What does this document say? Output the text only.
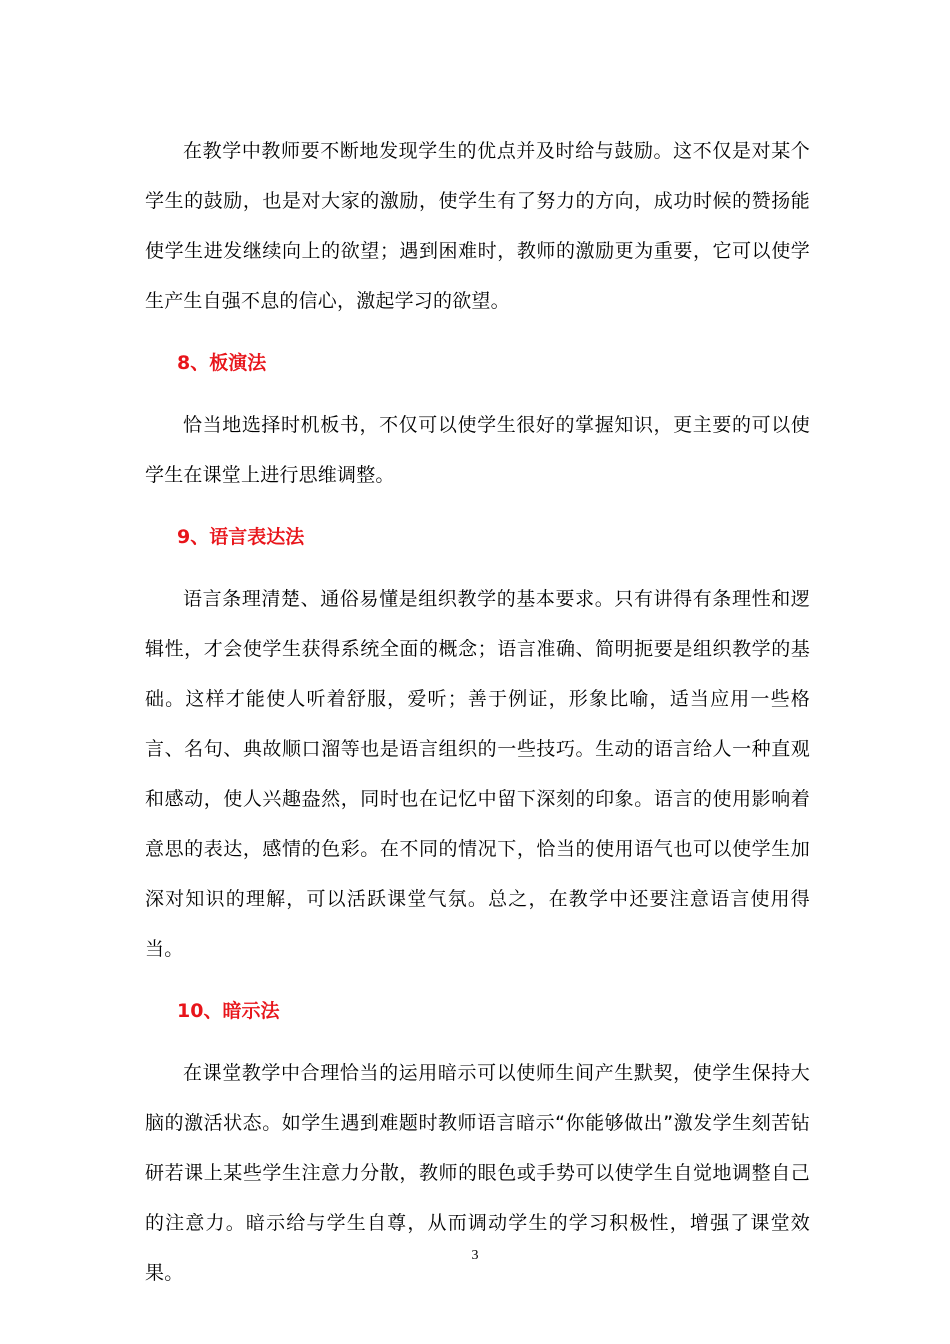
在教学中教师要不断地发现学生的优点并及时给与鼓励。这不仅是对某个学生的鼓励，也是对大家的激励，使学生有了努力的方向，成功时候的赞扬能使学生进发继续向上的欲望；遇到困难时，教师的激励更为重要，它可以使学生产生自强不息的信心，激起学习的欲望。

8、板演法

恰当地选择时机板书，不仅可以使学生很好的掌握知识，更主要的可以使学生在课堂上进行思维调整。

9、语言表达法

语言条理清楚、通俗易懂是组织教学的基本要求。只有讲得有条理性和逻辑性，才会使学生获得系统全面的概念；语言准确、简明扼要是组织教学的基础。这样才能使人听着舒服，爱听；善于例证，形象比喻，适当应用一些格言、名句、典故顺口溜等也是语言组织的一些技巧。生动的语言给人一种直观和感动，使人兴趣盎然，同时也在记忆中留下深刻的印象。语言的使用影响着意思的表达，感情的色彩。在不同的情况下，恰当的使用语气也可以使学生加深对知识的理解，可以活跃课堂气氛。总之，在教学中还要注意语言使用得当。

10、暗示法

在课堂教学中合理恰当的运用暗示可以使师生间产生默契，使学生保持大脑的激活状态。如学生遇到难题时教师语言暗示“你能够做出”激发学生刻苦钻研若课上某些学生注意力分散，教师的眼色或手势可以使学生自觉地调整自己的注意力。暗示给与学生自尊，从而调动学生的学习积极性，增强了课堂效果。

3
